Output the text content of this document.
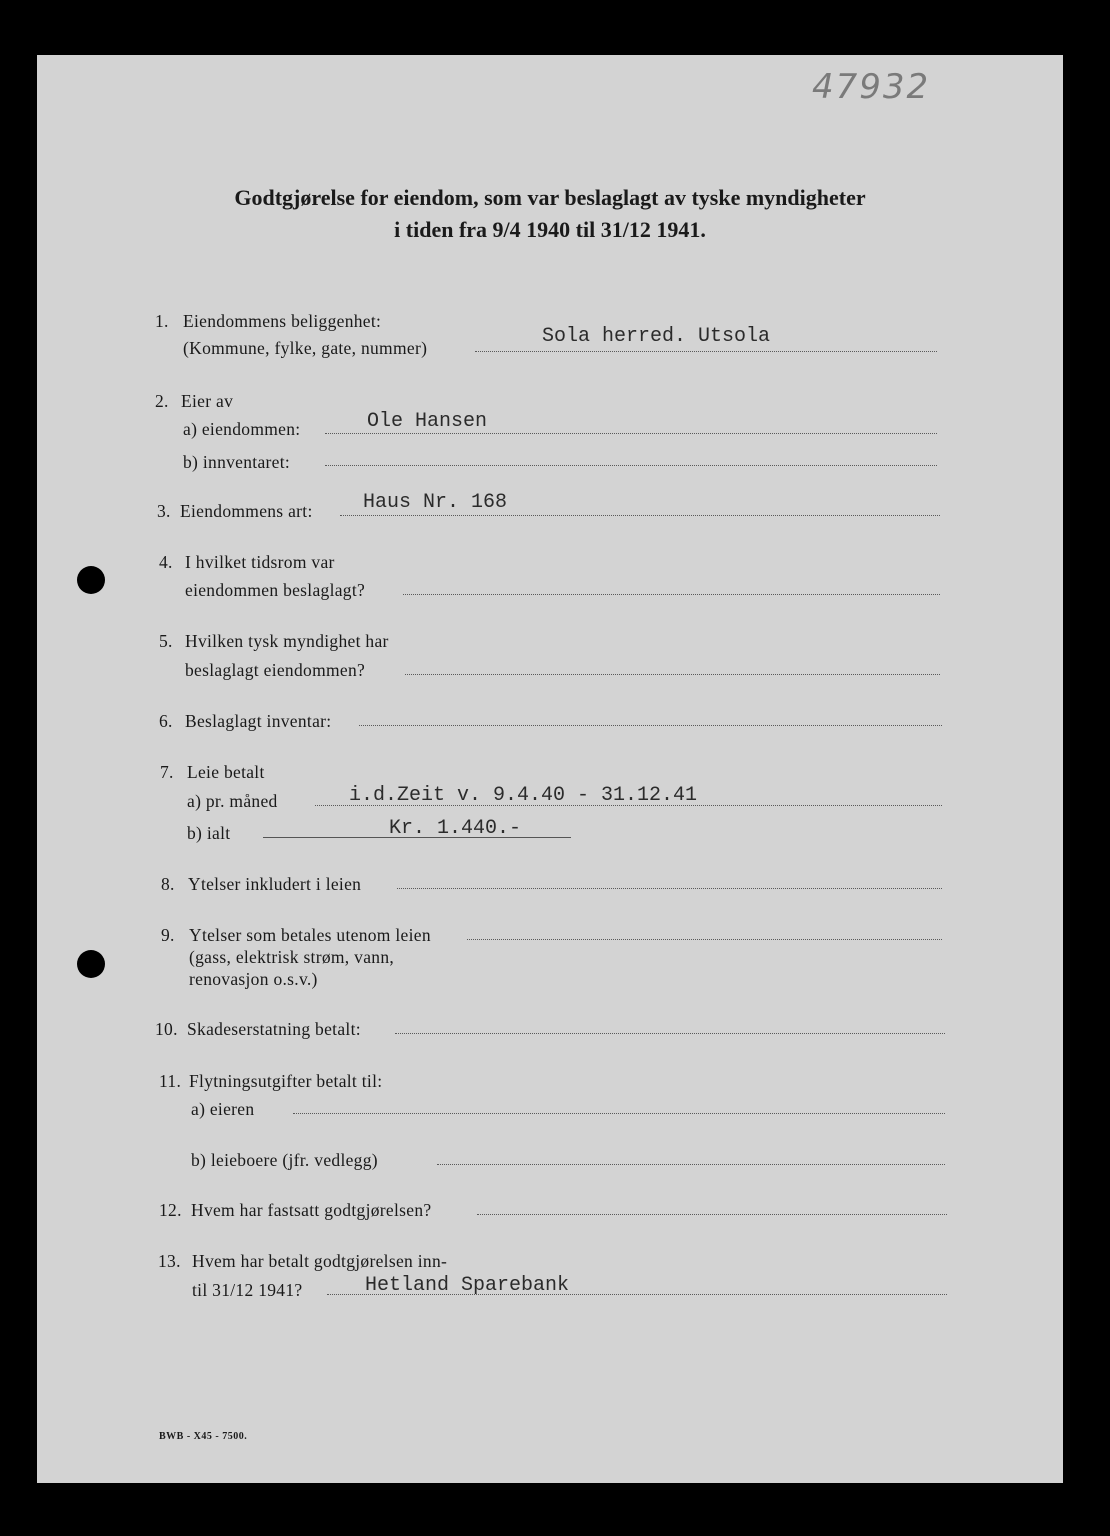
47932
Godtgjørelse for eiendom, som var beslaglagt av tyske myndigheter
i tiden fra 9/4 1940 til 31/12 1941.
1. Eiendommens beliggenhet:
(Kommune, fylke, gate, nummer)	Sola herred. Utsola
2. Eier av
a) eiendommen:	Ole Hansen
b) innventaret:
3. Eiendommens art:	Haus Nr. 168
4. I hvilket tidsrom var
eiendommen beslaglagt?
5. Hvilken tysk myndighet har
beslaglagt eiendommen?
6. Beslaglagt inventar:
7. Leie betalt
a) pr. måned	i.d.Zeit v. 9.4.40 - 31.12.41
b) ialt	Kr. 1.440.-
8. Ytelser inkludert i leien
9. Ytelser som betales utenom leien
(gass, elektrisk strøm, vann,
renovasjon o.s.v.)
10. Skadeserstatning betalt:
11. Flytningsutgifter betalt til:
a) eieren
b) leieboere (jfr. vedlegg)
12. Hvem har fastsatt godtgjørelsen?
13. Hvem har betalt godtgjørelsen inn-
til 31/12 1941?	Hetland Sparebank
BWB - X45 - 7500.
